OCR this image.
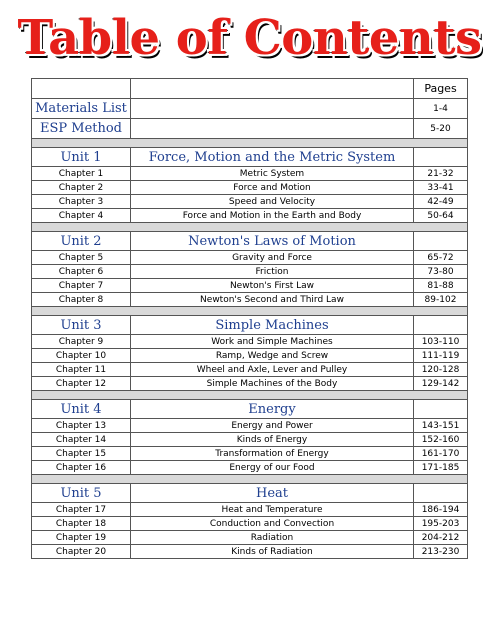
Table of Contents
		Pages
Materials List		1-4
ESP Method		5-20

Unit 1	Force, Motion and the Metric System	
Chapter 1	Metric System	21-32
Chapter 2	Force and Motion	33-41
Chapter 3	Speed and Velocity	42-49
Chapter 4	Force and Motion in the Earth and Body	50-64

Unit 2	Newton's Laws of Motion	
Chapter 5	Gravity and Force	65-72
Chapter 6	Friction	73-80
Chapter 7	Newton's First Law	81-88
Chapter 8	Newton's Second and Third Law	89-102

Unit 3	Simple Machines	
Chapter 9	Work and Simple Machines	103-110
Chapter 10	Ramp, Wedge and Screw	111-119
Chapter 11	Wheel and Axle, Lever and Pulley	120-128
Chapter 12	Simple Machines of the Body	129-142

Unit 4	Energy	
Chapter 13	Energy and Power	143-151
Chapter 14	Kinds of Energy	152-160
Chapter 15	Transformation of Energy	161-170
Chapter 16	Energy of our Food	171-185

Unit 5	Heat	
Chapter 17	Heat and Temperature	186-194
Chapter 18	Conduction and Convection	195-203
Chapter 19	Radiation	204-212
Chapter 20	Kinds of Radiation	213-230
